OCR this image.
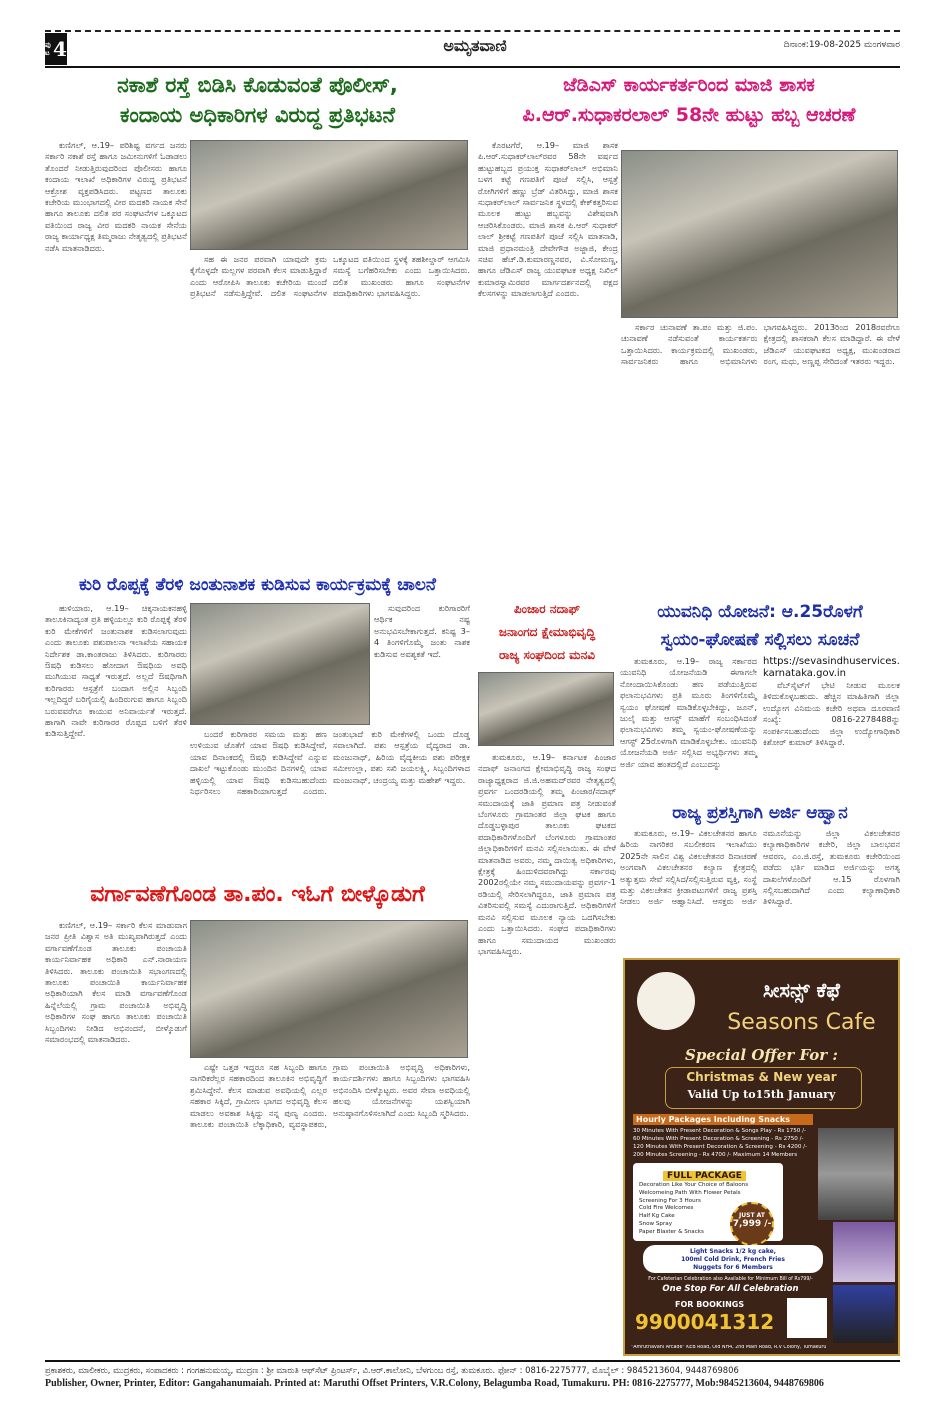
ಪು
ಟ 4	ಅಮೃತವಾಣಿ	ದಿನಾಂಕ:19-08-2025 ಮಂಗಳವಾರ
ನಕಾಶೆ ರಸ್ತೆ ಬಿಡಿಸಿ ಕೊಡುವಂತೆ ಪೊಲೀಸ್,
ಕಂದಾಯ ಅಧಿಕಾರಿಗಳ ವಿರುದ್ಧ ಪ್ರತಿಭಟನೆ

ಕುಣಿಗಲ್, ಆ.19– ಪರಿಶಿಷ್ಟ ವರ್ಗದ ಜನರು ಸರ್ಕಾರಿ ನಕಾಶೆ ರಸ್ತೆ ಹಾಗೂ ಜಮೀನುಗಳಿಗೆ ಓಡಾಡಲು ತೊಂದರೆ ನೀಡುತ್ತಿರುವುದರಿಂದ ಪೊಲೀಸರು ಹಾಗೂ ಕಂದಾಯ ಇಲಾಖೆ ಅಧಿಕಾರಿಗಳ ವಿರುದ್ಧ ಪ್ರತಿಭಟನೆ ಆಕ್ರೋಶ ವ್ಯಕ್ತಪಡಿಸಿದರು. ಪಟ್ಟಣದ ತಾಲೂಕು ಕಚೇರಿಯ ಮುಂಭಾಗದಲ್ಲಿ ವೀರ ಮದಕರಿ ನಾಯಕ ಸೇನೆ ಹಾಗೂ ತಾಲೂಕು ದಲಿತ ಪರ ಸಂಘಟನೆಗಳ ಒಕ್ಕೂಟದ ವತಿಯಿಂದ ರಾಜ್ಯ ವೀರ ಮದಕರಿ ನಾಯಕ ಸೇನೆಯ ರಾಜ್ಯ ಕಾರ್ಯಾಧ್ಯಕ್ಷ ತಿಮ್ಮರಾಜು ನೇತೃತ್ವದಲ್ಲಿ ಪ್ರತಿಭಟನೆ ನಡೆಸಿ ಮಾತನಾಡಿದರು.

ಸಹ ಈ ಜನರ ಪರವಾಗಿ ಯಾವುದೇ ಕ್ರಮ ಕೈಗೊಳ್ಳದೇ ಮಲ್ಲಗಳ ಪರವಾಗಿ ಕೆಲಸ ಮಾಡುತ್ತಿದ್ದಾರೆ ಎಂದು ಆರೋಪಿಸಿ ತಾಲೂಕು ಕಚೇರಿಯ ಮುಂದೆ ಪ್ರತಿಭಟನೆ ನಡೆಸುತ್ತಿದ್ದೇವೆ. ದಲಿತ ಸಂಘಟನೆಗಳ ಒಕ್ಕೂಟದ ವತಿಯಿಂದ ಸ್ಥಳಕ್ಕೆ ತಹಶೀಲ್ದಾರ್ ಆಗಮಿಸಿ ಸಮಸ್ಯೆ ಬಗೆಹರಿಸಬೇಕು ಎಂದು ಒತ್ತಾಯಿಸಿದರು. ದಲಿತ ಮುಖಂಡರು ಹಾಗೂ ಸಂಘಟನೆಗಳ ಪದಾಧಿಕಾರಿಗಳು ಭಾಗವಹಿಸಿದ್ದರು.

ಜೆಡಿಎಸ್ ಕಾರ್ಯಕರ್ತರಿಂದ ಮಾಜಿ ಶಾಸಕ
ಪಿ.ಆರ್.ಸುಧಾಕರಲಾಲ್ 58ನೇ ಹುಟ್ಟು ಹಬ್ಬ ಆಚರಣೆ

ಕೊರಟಗೆರೆ, ಆ.19– ಮಾಜಿ ಶಾಸಕ ಪಿ.ಆರ್.ಸುಧಾಕರ್‌ಲಾಲ್‌ರವರ 58ನೇ ವರ್ಷದ ಹುಟ್ಟುಹಬ್ಬದ ಪ್ರಯುಕ್ತ ಸುಧಾಕರ್‌ಲಾಲ್ ಅಭಿಮಾನಿ ಬಳಗ ಕಟ್ಟೆ ಗಣಪತಿಗೆ ಪೂಜೆ ಸಲ್ಲಿಸಿ, ಆಸ್ಪತ್ರೆ ರೋಗಿಗಳಿಗೆ ಹಣ್ಣು ಬ್ರೆಡ್ ವಿತರಿಸಿದ್ದು, ಮಾಜಿ ಶಾಸಕ ಸುಧಾಕರ್‌ಲಾಲ್ ಸಾರ್ವಜನಿಕ ಸ್ಥಳದಲ್ಲಿ ಕೇಕ್‌ಕತ್ತರಿಸುವ ಮೂಲಕ ಹುಟ್ಟು ಹಬ್ಬವನ್ನು ವಿಶೇಷವಾಗಿ ಆಚರಿಸಿಕೊಂಡರು. ಮಾಜಿ ಶಾಸಕ ಪಿ.ಆರ್ ಸುಧಾಕರ್ ಲಾಲ್ ಶ್ರೀಕಟ್ಟೆ ಗಣಪತಿಗೆ ಪೂಜೆ ಸಲ್ಲಿಸಿ ಮಾತನಾಡಿ, ಮಾಜಿ ಪ್ರಧಾನಮಂತ್ರಿ ದೇವೇಗೌಡ ಅಜ್ಜಾಜಿ, ಕೇಂದ್ರ ಸಚಿವ ಹೆಚ್.ಡಿ.ಕುಮಾರಣ್ಣನವರ, ವಿ.ಸೋಮಣ್ಣ, ಹಾಗೂ ಜೆಡಿಎಸ್ ರಾಜ್ಯ ಯುವಘಟಕ ಅಧ್ಯಕ್ಷ ನಿಖಿಲ್ ಕುಮಾರಸ್ವಾಮಿರವರ ಮಾರ್ಗದರ್ಶನದಲ್ಲಿ ಪಕ್ಷದ ಕೆಲಸಗಳನ್ನು ಮಾಡಲಾಗುತ್ತಿದೆ ಎಂದರು.

ಸರ್ಕಾರ ಚುನಾವಣೆ ತಾ.ಪಂ ಮತ್ತು ಜಿ.ಪಂ. ಚುನಾವಣೆ ನಡೆಸುವಂತೆ ಕಾರ್ಯಕರ್ತರು ಒತ್ತಾಯಿಸಿದರು. ಕಾರ್ಯಕ್ರಮದಲ್ಲಿ ಮುಖಂಡರು, ಸಾರ್ವಜನಿಕರು ಹಾಗೂ ಅಭಿಮಾನಿಗಳು ಭಾಗವಹಿಸಿದ್ದರು. 2013ರಿಂದ 2018ರವರೆಗೂ ಕ್ಷೇತ್ರದಲ್ಲಿ ಶಾಸಕರಾಗಿ ಕೆಲಸ ಮಾಡಿದ್ದಾರೆ. ಈ ವೇಳೆ ಜೆಡಿಎಸ್ ಯುವಘಟಕದ ಅಧ್ಯಕ್ಷ, ಮುಖಂಡರಾದ ರಂಗ, ಮಧು, ಅಣ್ಣಪ್ಪ ಸೇರಿದಂತೆ ಇತರರು ಇದ್ದರು.

ಕುರಿ ರೊಪ್ಪಕ್ಕೆ ತೆರಳಿ ಜಂತುನಾಶಕ ಕುಡಿಸುವ ಕಾರ್ಯಕ್ರಮಕ್ಕೆ ಚಾಲನೆ

ಹುಳಿಯಾರು, ಆ.19– ಚಿಕ್ಕನಾಯಕನಹಳ್ಳಿ ತಾಲೂಕಿನಾದ್ಯಂತ ಪ್ರತಿ ಹಳ್ಳಿಯಲ್ಲೂ ಕುರಿ ರೊಪ್ಪಕ್ಕೆ ತೆರಳಿ ಕುರಿ ಮೇಕೆಗಳಿಗೆ ಜಂತುನಾಶಕ ಕುಡಿಸಲಾಗುವುದು ಎಂದು ತಾಲೂಕು ಪಶುಪಾಲನಾ ಇಲಾಖೆಯ ಸಹಾಯಕ ನಿರ್ದೇಶಕ ಡಾ.ಕಾಂತರಾಜು ತಿಳಿಸಿದರು. ಕುರಿಗಾರರು ಔಷಧಿ ಕುಡಿಸಲು ಹೋದಾಗ ಔಷಧಿಯ ಅವಧಿ ಮುಗಿಯುವ ಸಾಧ್ಯತೆ ಇರುತ್ತದೆ. ಅಲ್ಲದೆ ಔಷಧಿಗಾಗಿ ಕುರಿಗಾರರು ಆಸ್ಪತ್ರೆಗೆ ಬಂದಾಗ ಅಲ್ಲಿನ ಸಿಬ್ಬಂದಿ ಇಲ್ಲದಿದ್ದರೆ ಬರಿಗೈಯಲ್ಲಿ ಹಿಂದಿರುಗುವ ಹಾಗೂ ಸಿಬ್ಬಂದಿ ಬರುವವರೆಗೂ ಕಾಯುವ ಅನಿವಾರ್ಯತೆ ಇರುತ್ತದೆ. ಹಾಗಾಗಿ ನಾವೇ ಕುರಿಗಾರರ ರೊಪ್ಪದ ಬಳಿಗೆ ತೆರಳಿ ಕುಡಿಸುತ್ತಿದ್ದೇವೆ.

ಸುವುದರಿಂದ ಕುರಿಗಾರರಿಗೆ ಆರ್ಥಿಕ ನಷ್ಟ ಅನುಭವಿಸಬೇಕಾಗುತ್ತದೆ. ಕನಿಷ್ಟ 3–4 ತಿಂಗಳಿಗೊಮ್ಮೆ ಜಂತು ನಾಶಕ ಕುಡಿಸುವ ಅವಶ್ಯಕತೆ ಇದೆ.

ಬಂದರೆ ಕುರಿಗಾರರ ಸಮಯ ಮತ್ತು ಹಣ ಉಳಿಯುವ ಜೊತೆಗೆ ಯಾವ ಔಷಧಿ ಕುಡಿಸಿದ್ದೇವೆ, ಯಾವ ದಿನಾಂಕದಲ್ಲಿ ಔಷಧಿ ಕುಡಿಸಿದ್ದೇವೆ ಎನ್ನುವ ದಾಖಲೆ ಇಟ್ಟುಕೊಂಡು ಮುಂದಿನ ದಿನಗಳಲ್ಲಿ ಯಾವ ಹಳ್ಳಿಯಲ್ಲಿ ಯಾವ ಔಷಧಿ ಕುಡಿಸಬಹುದೆಂದು ನಿರ್ಧರಿಸಲು ಸಹಕಾರಿಯಾಗುತ್ತದೆ ಎಂದರು. ಜಂತುಭಾದೆ ಕುರಿ ಮೇಕೆಗಳಲ್ಲಿ ಒಂದು ದೊಡ್ಡ ಸವಾಲಾಗಿದೆ. ಪಶು ಆಸ್ಪತ್ರೆಯ ವೈದ್ಯರಾದ ಡಾ. ಮಂಜುನಾಥ್, ಹಿರಿಯ ವೈದ್ಯಕೀಯ ಪಶು ಪರೀಕ್ಷಕ ಸಮೀಉಲ್ಲಾ, ಪಶು ಸಖಿ ಜಯಲಕ್ಷ್ಮಿ, ಸಿಬ್ಬಂದಿಗಳಾದ ಮಂಜುನಾಥ್, ಚಂದ್ರಯ್ಯ ಮತ್ತು ಮಹೇಶ್ ಇದ್ದರು.

ಪಿಂಜಾರ ನದಾಫ್
ಜನಾಂಗದ ಕ್ಷೇಮಾಭಿವೃದ್ಧಿ
ರಾಜ್ಯ ಸಂಘದಿಂದ ಮನವಿ

ತುಮಕೂರು, ಆ.19– ಕರ್ನಾಟಕ ಪಿಂಜಾರ ನದಾಫ್ ಜನಾಂಗದ ಕ್ಷೇಮಾಭಿವೃದ್ಧಿ ರಾಜ್ಯ ಸಂಘದ ರಾಜ್ಯಾಧ್ಯಕ್ಷರಾದ ಜಿ.ಜಿ.ಅಹಮದ್‌ರವರ ನೇತೃತ್ವದಲ್ಲಿ ಪ್ರವರ್ಗ ಒಂದರಡಿಯಲ್ಲಿ ತಮ್ಮ ಪಿಂಜಾರ/ನದಾಫ್ ಸಮುದಾಯಕ್ಕೆ ಜಾತಿ ಪ್ರಮಾಣ ಪತ್ರ ನೀಡುವಂತೆ ಬೆಂಗಳೂರು ಗ್ರಾಮಾಂತರ ಜಿಲ್ಲಾ ಘಟಕ ಹಾಗೂ ದೊಡ್ಡಬಳ್ಳಾಪುರ ತಾಲೂಕು ಘಟಕದ ಪದಾಧಿಕಾರಿಗಳೊಂದಿಗೆ ಬೆಂಗಳೂರು ಗ್ರಾಮಾಂತರ ಜಿಲ್ಲಾಧಿಕಾರಿಗಳಿಗೆ ಮನವಿ ಸಲ್ಲಿಸಲಾಯಿತು. ಈ ವೇಳೆ ಮಾತನಾಡಿದ ಅವರು, ನಮ್ಮ ದಾಯಿತ್ವ ಅಧಿಕಾರಿಗಳು, ಕ್ಷೇತ್ರಕ್ಕೆ ಹಿಂದುಳಿದವರಾಗಿದ್ದು ಸರ್ಕಾರವು 2002ರಲ್ಲಿಯೇ ನಮ್ಮ ಸಮುದಾಯವನ್ನು ಪ್ರವರ್ಗ-1 ರಡಿಯಲ್ಲಿ ಸೇರಿಸಲಾಗಿದ್ದರೂ, ಜಾತಿ ಪ್ರಮಾಣ ಪತ್ರ ವಿತರಿಸುವಲ್ಲಿ ಸಮಸ್ಯೆ ಎದುರಾಗುತ್ತಿದೆ. ಅಧಿಕಾರಿಗಳಿಗೆ ಮನವಿ ಸಲ್ಲಿಸುವ ಮೂಲಕ ನ್ಯಾಯ ಒದಗಿಸಬೇಕು ಎಂದು ಒತ್ತಾಯಿಸಿದರು. ಸಂಘದ ಪದಾಧಿಕಾರಿಗಳು ಹಾಗೂ ಸಮುದಾಯದ ಮುಖಂಡರು ಭಾಗವಹಿಸಿದ್ದರು.

ಯುವನಿಧಿ ಯೋಜನೆ: ಆ.25ರೊಳಗೆ
ಸ್ವಯಂ-ಘೋಷಣೆ ಸಲ್ಲಿಸಲು ಸೂಚನೆ

ತುಮಕೂರು, ಆ.19– ರಾಜ್ಯ ಸರ್ಕಾರದ ಯುವನಿಧಿ ಯೋಜನೆಯಡಿ ಈಗಾಗಲೇ ನೋಂದಾಯಿಸಿಕೊಂಡು ಹಣ ಪಡೆಯುತ್ತಿರುವ ಫಲಾನುಭವಿಗಳು ಪ್ರತಿ ಮೂರು ತಿಂಗಳಿಗೊಮ್ಮೆ ಸ್ವಯಂ ಘೋಷಣೆ ಮಾಡಿಕೊಳ್ಳಬೇಕಿದ್ದು, ಜೂನ್, ಜುಲೈ ಮತ್ತು ಆಗಸ್ಟ್ ಮಾಹೆಗೆ ಸಂಬಂಧಿಸಿದಂತೆ ಫಲಾನುಭವಿಗಳು ತಮ್ಮ ಸ್ವಯಂ-ಘೋಷಣೆಯನ್ನು ಆಗಸ್ಟ್ 25ರೊಳಗಾಗಿ ಮಾಡಿಕೊಳ್ಳಬೇಕು. ಯುವನಿಧಿ ಯೋಜನೆಯಡಿ ಅರ್ಜಿ ಸಲ್ಲಿಸಿದ ಅಭ್ಯರ್ಥಿಗಳು ತಮ್ಮ ಅರ್ಜಿ ಯಾವ ಹಂತದಲ್ಲಿದೆ ಎಂಬುದನ್ನು

https://sevasindhuservices.karnataka.gov.in

ವೆಬ್‌ಸೈಟ್‌ಗೆ ಭೇಟಿ ನೀಡುವ ಮೂಲಕ ತಿಳಿದುಕೊಳ್ಳಬಹುದು. ಹೆಚ್ಚಿನ ಮಾಹಿತಿಗಾಗಿ ಜಿಲ್ಲಾ ಉದ್ಯೋಗ ವಿನಿಮಯ ಕಚೇರಿ ಅಥವಾ ದೂರವಾಣಿ ಸಂಖ್ಯೆ: 0816-2278488ನ್ನು ಸಂಪರ್ಕಿಸಬಹುದೆಂದು ಜಿಲ್ಲಾ ಉದ್ಯೋಗಾಧಿಕಾರಿ ಕಿಶೋರ್ ಕುಮಾರ್ ತಿಳಿಸಿದ್ದಾರೆ.

ರಾಜ್ಯ ಪ್ರಶಸ್ತಿಗಾಗಿ ಅರ್ಜಿ ಆಹ್ವಾನ

ತುಮಕೂರು, ಆ.19– ವಿಕಲಚೇತನರ ಹಾಗೂ ಹಿರಿಯ ನಾಗರಿಕರ ಸಬಲೀಕರಣ ಇಲಾಖೆಯು 2025ನೇ ಸಾಲಿನ ವಿಶ್ವ ವಿಕಲಚೇತನರ ದಿನಾಚರಣೆ ಅಂಗವಾಗಿ ವಿಕಲಚೇತನರ ಕಲ್ಯಾಣ ಕ್ಷೇತ್ರದಲ್ಲಿ ಅತ್ಯುತ್ತಮ ಸೇವೆ ಸಲ್ಲಿಸಿದ/ಸಲ್ಲಿಸುತ್ತಿರುವ ವ್ಯಕ್ತಿ, ಸಂಸ್ಥೆ ಮತ್ತು ವಿಕಲಚೇತನ ಕ್ರೀಡಾಪಟುಗಳಿಗೆ ರಾಜ್ಯ ಪ್ರಶಸ್ತಿ ನೀಡಲು ಅರ್ಜಿ ಆಹ್ವಾನಿಸಿದೆ. ಆಸಕ್ತರು ಅರ್ಜಿ ನಮೂನೆಯನ್ನು ಜಿಲ್ಲಾ ವಿಕಲಚೇತನರ ಕಲ್ಯಾಣಾಧಿಕಾರಿಗಳ ಕಚೇರಿ, ಜಿಲ್ಲಾ ಬಾಲಭವನ ಆವರಣ, ಎಂ.ಜಿ.ರಸ್ತೆ, ತುಮಕೂರು ಕಚೇರಿಯಿಂದ ಪಡೆದು ಭರ್ತಿ ಮಾಡಿದ ಅರ್ಜಿಯನ್ನು ಅಗತ್ಯ ದಾಖಲೆಗಳೊಂದಿಗೆ ಆ.15 ರೊಳಗಾಗಿ ಸಲ್ಲಿಸಬಹುದಾಗಿದೆ ಎಂದು ಕಲ್ಯಾಣಾಧಿಕಾರಿ ತಿಳಿಸಿದ್ದಾರೆ.

ವರ್ಗಾವಣೆಗೊಂಡ ತಾ.ಪಂ. ಇಓಗೆ ಬೀಳ್ಕೊಡುಗೆ

ಕುಣಿಗಲ್, ಆ.19– ಸರ್ಕಾರಿ ಕೆಲಸ ಮಾಡುವಾಗ ಜನರ ಪ್ರೀತಿ ವಿಶ್ವಾಸ ಅತಿ ಮುಖ್ಯವಾಗಿರುತ್ತದೆ ಎಂದು ವರ್ಗಾವಣೆಗೊಂಡ ತಾಲೂಕು ಪಂಚಾಯತಿ ಕಾರ್ಯನಿರ್ವಾಹಕ ಅಧಿಕಾರಿ ಎನ್.ನಾರಾಯಣ ತಿಳಿಸಿದರು. ತಾಲೂಕು ಪಂಚಾಯಿತಿ ಸಭಾಂಗಣದಲ್ಲಿ ತಾಲೂಕು ಪಂಚಾಯಿತಿ ಕಾರ್ಯನಿರ್ವಾಹಕ ಅಧಿಕಾರಿಯಾಗಿ ಕೆಲಸ ಮಾಡಿ ವರ್ಗಾವಣೆಗೊಂಡ ಹಿನ್ನೆಲೆಯಲ್ಲಿ ಗ್ರಾಮ ಪಂಚಾಯಿತಿ ಅಭಿವೃದ್ಧಿ ಅಧಿಕಾರಿಗಳ ಸಂಘ ಹಾಗೂ ತಾಲೂಕು ಪಂಚಾಯಿತಿ ಸಿಬ್ಬಂದಿಗಳು ನೀಡಿದ ಅಭಿನಂದನೆ, ಬೀಳ್ಕೊಡುಗೆ ಸಮಾರಂಭದಲ್ಲಿ ಮಾತನಾಡಿದರು.

ಎಷ್ಟೇ ಒತ್ತಡ ಇದ್ದರೂ ಸಹ ಸಿಬ್ಬಂದಿ ಹಾಗೂ ನಾಗರಿಕರೆಲ್ಲರ ಸಹಕಾರದಿಂದ ತಾಲೂಕಿನ ಅಭಿವೃದ್ಧಿಗೆ ಶ್ರಮಿಸಿದ್ದೇನೆ. ಕೆಲಸ ಮಾಡುವ ಅವಧಿಯಲ್ಲಿ ಎಲ್ಲರ ಸಹಕಾರ ಸಿಕ್ಕಿದೆ, ಗ್ರಾಮೀಣ ಭಾಗದ ಅಭಿವೃದ್ಧಿ ಕೆಲಸ ಮಾಡಲು ಅವಕಾಶ ಸಿಕ್ಕಿದ್ದು ನನ್ನ ಪುಣ್ಯ ಎಂದರು. ತಾಲೂಕು ಪಂಚಾಯಿತಿ ಲೆಕ್ಕಾಧಿಕಾರಿ, ವ್ಯವಸ್ಥಾಪಕರು, ಗ್ರಾಮ ಪಂಚಾಯಿತಿ ಅಭಿವೃದ್ಧಿ ಅಧಿಕಾರಿಗಳು, ಕಾರ್ಯದರ್ಶಿಗಳು ಹಾಗೂ ಸಿಬ್ಬಂದಿಗಳು ಭಾಗವಹಿಸಿ ಅಭಿನಂದಿಸಿ ಬೀಳ್ಕೊಟ್ಟರು. ಅವರ ಸೇವಾ ಅವಧಿಯಲ್ಲಿ ಹಲವು ಯೋಜನೆಗಳನ್ನು ಯಶಸ್ವಿಯಾಗಿ ಅನುಷ್ಠಾನಗೊಳಿಸಲಾಗಿದೆ ಎಂದು ಸಿಬ್ಬಂದಿ ಸ್ಮರಿಸಿದರು.

ಸೀಸನ್ಸ್ ಕೆಫೆ
Seasons Cafe
Special Offer For :
Christmas & New year
Valid Up to15th January
Hourly Packages Including Snacks
30 Minutes With Present Decoration & Songs Play - Rs 1750 /-
60 Minutes With Present Decoration & Screening - Rs 2750 /-
120 Minutes With Present Decoration & Screening - Rs 4200 /-
200 Minutes Screening - Rs 4700 /- Maximum 14 Members
FULL PACKAGE
Decoration Like Your Choice of Baloons
Welcomeing Path With Flower Petals
Screening For 3 Hours
Cold Fire Welcomes
Half Kg Cake
Snow Spray
Paper Blaster & Snacks
JUST AT
7,999 /-
Light Snacks 1/2 kg cake,
100ml Cold Drink, French Fries
Nuggets for 6 Members
For Cafeterian Celebration also Available for Minimum Bill of Rs799/-
One Stop For All Celebration
FOR BOOKINGS
9900041312
"Amruthavani Arcade" KEB Road, Old NH4, 2nd Main Road, R.V Colony, Tumakuru
ಪ್ರಕಾಶಕರು, ಮಾಲೀಕರು, ಮುದ್ರಕರು, ಸಂಪಾದಕರು : ಗಂಗಹನುಮಯ್ಯ, ಮುದ್ರಣ : ಶ್ರೀ ಮಾರುತಿ ಆಫ್‌ಸೆಟ್ ಪ್ರಿಂಟರ್ಸ್, ವಿ.ಆರ್.ಕಾಲೋನಿ, ಬೆಳಗುಂಬ ರಸ್ತೆ, ತುಮಕೂರು. ಫೋನ್ : 0816-2275777, ಮೊಬೈಲ್ : 9845213604, 9448769806
Publisher, Owner, Printer, Editor: Gangahanumaiah. Printed at: Maruthi Offset Printers, V.R.Colony, Belagumba Road, Tumakuru. PH: 0816-2275777, Mob:9845213604, 9448769806
